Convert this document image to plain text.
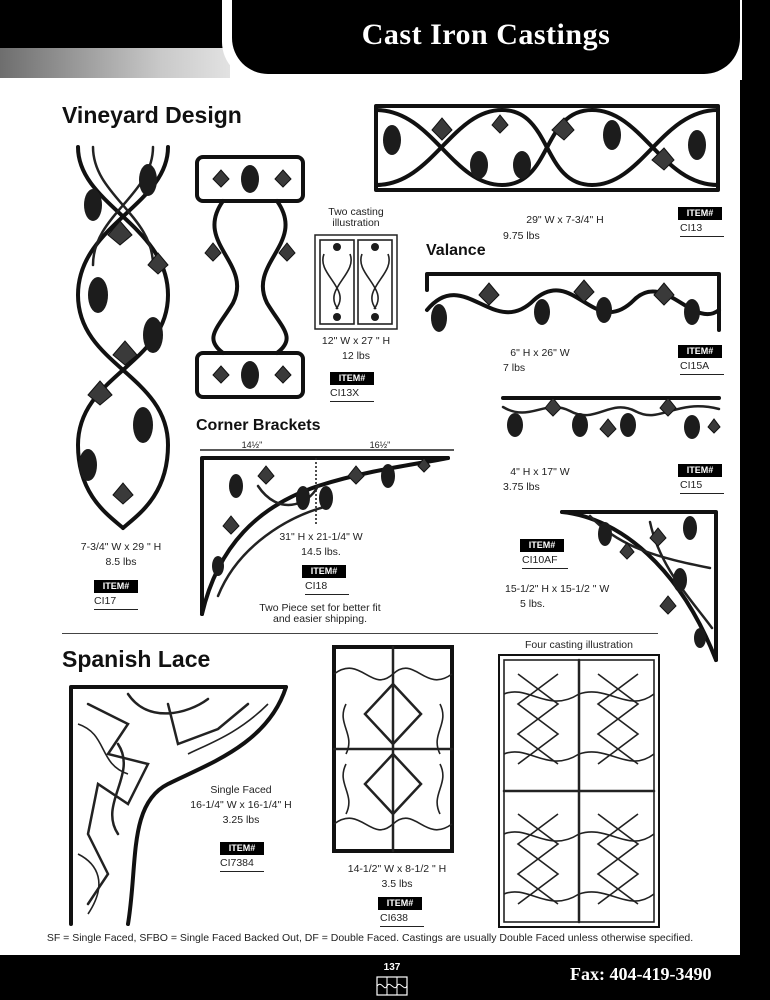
Cast Iron Castings
Vineyard Design
Valance
Corner Brackets
Spanish Lace
29" W x 7-3/4" H
9.75 lbs
ITEM#
CI13
6" H x 26" W
7 lbs
ITEM#
CI15A
4" H x 17" W
3.75 lbs
ITEM#
CI15
7-3/4" W x 29 " H
8.5 lbs
ITEM#
CI17
Two casting
illustration
12" W x 27 " H
12 lbs
ITEM#
CI13X
14½"	16½"
31" H x 21-1/4" W
14.5 lbs.
ITEM#
CI18
Two Piece set for better fit
and easier shipping.
ITEM#
CI10AF
15-1/2" H x 15-1/2 " W
5 lbs.
Single Faced
16-1/4" W x 16-1/4" H
3.25 lbs
ITEM#
CI7384	14-1/2" W x 8-1/2 " H
3.5 lbs
ITEM#
CI638
Four casting illustration
SF = Single Faced, SFBO = Single Faced Backed Out, DF = Double Faced. Castings are usually Double Faced unless otherwise specified.
137	Fax: 404-419-3490
